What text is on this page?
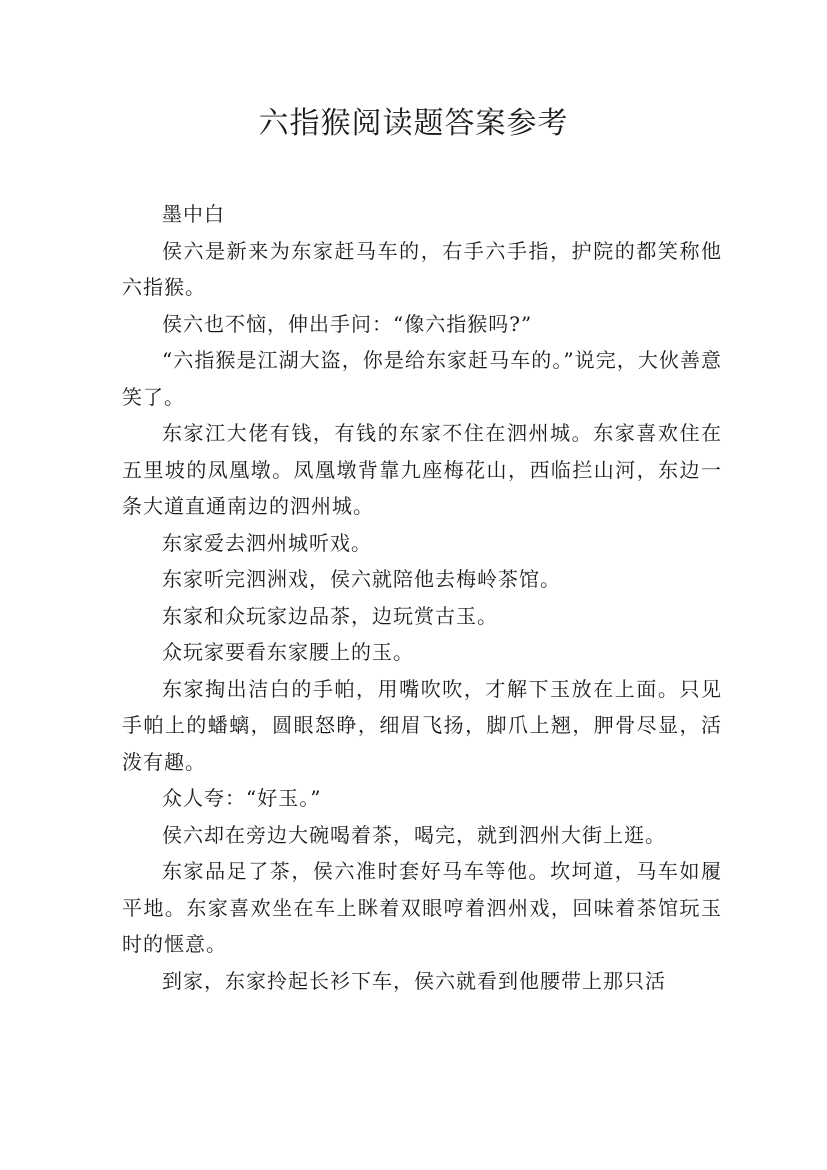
六指猴阅读题答案参考

墨中白

侯六是新来为东家赶马车的，右手六手指，护院的都笑称他六指猴。

侯六也不恼，伸出手问：“像六指猴吗?”

“六指猴是江湖大盗，你是给东家赶马车的。”说完，大伙善意笑了。

东家江大佬有钱，有钱的东家不住在泗州城。东家喜欢住在五里坡的凤凰墩。凤凰墩背靠九座梅花山，西临拦山河，东边一条大道直通南边的泗州城。

东家爱去泗州城听戏。

东家听完泗洲戏，侯六就陪他去梅岭茶馆。

东家和众玩家边品茶，边玩赏古玉。

众玩家要看东家腰上的玉。

东家掏出洁白的手帕，用嘴吹吹，才解下玉放在上面。只见手帕上的蟠螭，圆眼怒睁，细眉飞扬，脚爪上翘，胛骨尽显，活泼有趣。

众人夸：“好玉。”

侯六却在旁边大碗喝着茶，喝完，就到泗州大街上逛。

东家品足了茶，侯六准时套好马车等他。坎坷道，马车如履平地。东家喜欢坐在车上眯着双眼哼着泗州戏，回味着茶馆玩玉时的惬意。

到家，东家拎起长衫下车，侯六就看到他腰带上那只活
